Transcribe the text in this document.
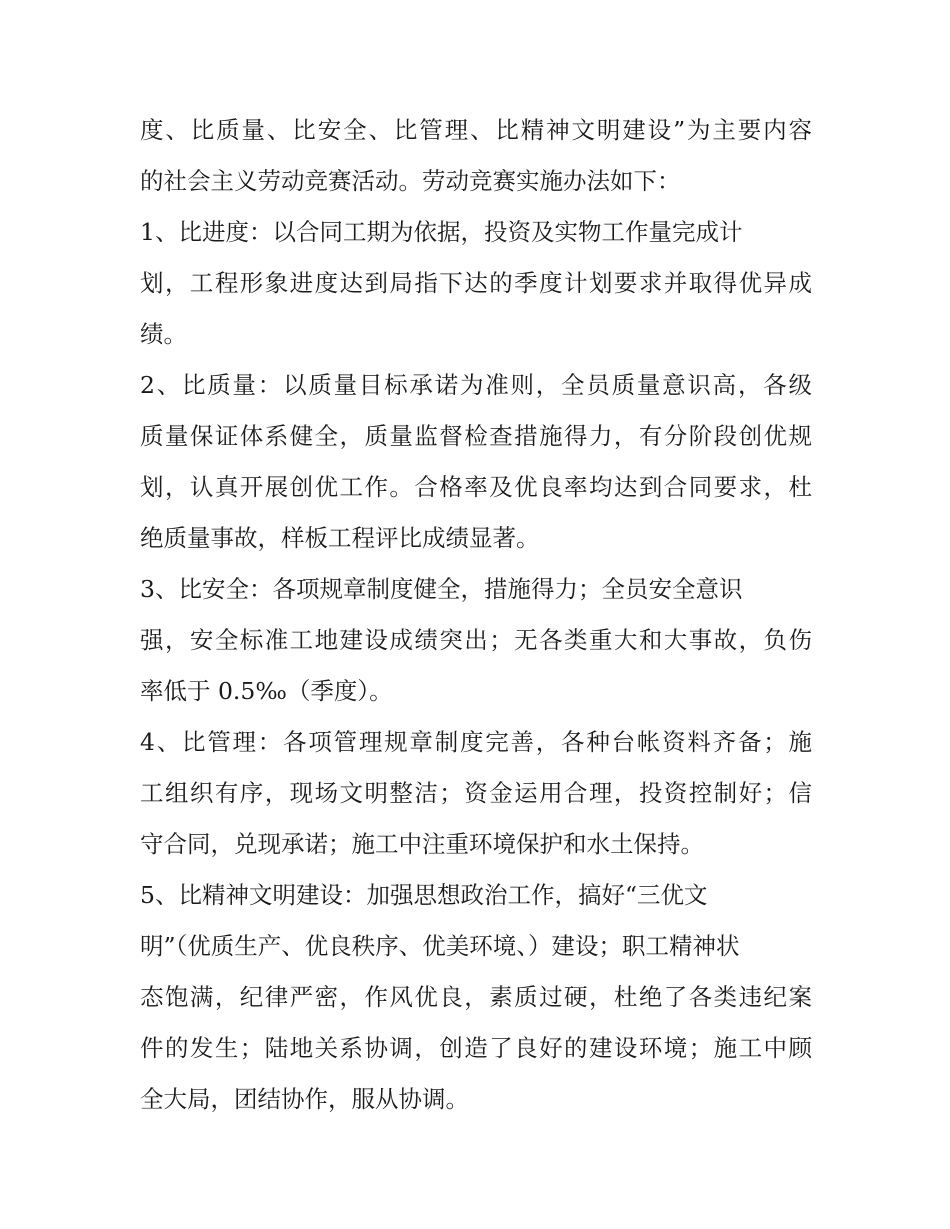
度、比质量、比安全、比管理、比精神文明建设”为主要内容
的社会主义劳动竞赛活动。劳动竞赛实施办法如下：
1、比进度：以合同工期为依据，投资及实物工作量完成计
划，工程形象进度达到局指下达的季度计划要求并取得优异成
绩。
2、比质量：以质量目标承诺为准则，全员质量意识高，各级
质量保证体系健全，质量监督检查措施得力，有分阶段创优规
划，认真开展创优工作。合格率及优良率均达到合同要求，杜
绝质量事故，样板工程评比成绩显著。
3、比安全：各项规章制度健全，措施得力；全员安全意识
强，安全标准工地建设成绩突出；无各类重大和大事故，负伤
率低于 0.5‰（季度）。
4、比管理：各项管理规章制度完善，各种台帐资料齐备；施
工组织有序，现场文明整洁；资金运用合理，投资控制好；信
守合同，兑现承诺；施工中注重环境保护和水土保持。
5、比精神文明建设：加强思想政治工作，搞好“三优文
明”（优质生产、优良秩序、优美环境、）建设；职工精神状
态饱满，纪律严密，作风优良，素质过硬，杜绝了各类违纪案
件的发生；陆地关系协调，创造了良好的建设环境；施工中顾
全大局，团结协作，服从协调。
